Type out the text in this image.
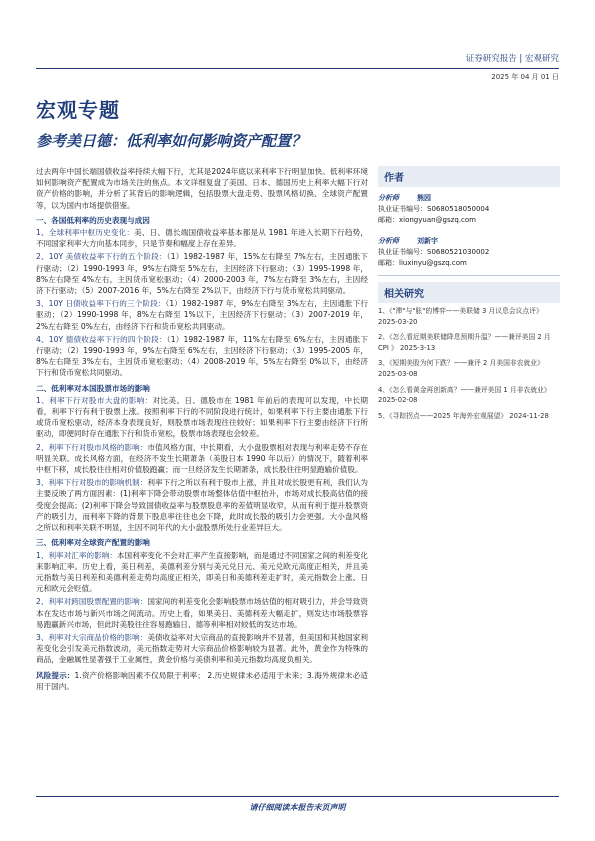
证券研究报告 | 宏观研究
2025 年 04 月 01 日
宏观专题
参考美日德：低利率如何影响资产配置？

过去两年中国长端国债收益率持续大幅下行，尤其是2024年底以来利率下行明显加快。低利率环境如何影响资产配置成为市场关注的焦点。本文详细复盘了美国、日本、德国历史上利率大幅下行对资产价格的影响，并分析了其背后的影响逻辑，包括股票大盘走势、股票风格切换、全球资产配置等，以为国内市场提供借鉴。

一、各国低利率的历史表现与成因

1、全球利率中枢历史变化：美、日、德长端国债收益率基本都是从 1981 年进入长期下行趋势，不同国家利率大方向基本同步，只是节奏和幅度上存在差异。

2、10Y 美债收益率下行的五个阶段：（1）1982-1987 年，15%左右降至 7%左右，主因通胀下行驱动；（2）1990-1993 年，9%左右降至 5%左右，主因经济下行驱动；（3）1995-1998 年，8%左右降至 4%左右，主因货币宽松驱动；（4）2000-2003 年，7%左右降至 3%左右，主因经济下行驱动；（5）2007-2016 年，5%左右降至 2%以下，由经济下行与货币宽松共同驱动。

3、10Y 日债收益率下行的三个阶段：（1）1982-1987 年，9%左右降至 3%左右，主因通胀下行驱动；（2）1990-1998 年，8%左右降至 1%以下，主因经济下行驱动；（3）2007-2019 年，2%左右降至 0%左右，由经济下行和货币宽松共同驱动。

4、10Y 德债收益率下行的四个阶段：（1）1982-1987 年，11%左右降至 6%左右，主因通胀下行驱动；（2）1990-1993 年，9%左右降至 6%左右，主因经济下行驱动；（3）1995-2005 年，8%左右降至 3%左右，主因货币宽松驱动；（4）2008-2019 年，5%左右降至 0%以下，由经济下行和货币宽松共同驱动。

二、低利率对本国股票市场的影响

1、利率下行对股市大盘的影响：对比美、日、德股市在 1981 年前后的表现可以发现，中长期看，利率下行有利于股票上涨。按照利率下行的不同阶段进行统计，如果利率下行主要由通胀下行或货币宽松驱动，经济本身表现良好，则股票市场表现往往较好；如果利率下行主要由经济下行所驱动，即便同时存在通胀下行和货币宽松，股票市场表现也会较差。

2、利率下行对股市风格的影响：市值风格方面，中长期看，大小盘股票相对表现与利率走势不存在明显关联。成长风格方面，在经济不发生长期萧条（美股日本 1990 年以后）的情况下，随着利率中枢下移，成长股往往相对价值股跑赢；而一旦经济发生长期萧条，成长股往往明显跑输价值股。

3、利率下行对股市的影响机制：利率下行之所以有利于股市上涨，并且对成长股更有利，我们认为主要反映了两方面因素：(1)利率下降会带动股票市场整体估值中枢抬升，市场对成长股高估值的接受度会提高；(2)利率下降会导致国债收益率与股票股息率的差值明显收窄，从而有利于提升股票资产的吸引力，而利率下降的背景下股息率往往也会下降，此时成长股的吸引力会更强。大小盘风格之所以和利率关联不明显，主因不同年代的大小盘股票所处行业差异巨大。

三、低利率对全球资产配置的影响

1、利率对汇率的影响：本国利率变化不会对汇率产生直接影响，而是通过不同国家之间的利差变化来影响汇率。历史上看，美日利差，美德利差分别与美元兑日元、美元兑欧元高度正相关，并且美元指数与美日利差和美德利差走势均高度正相关，即美日和美德利差走扩时，美元指数会上涨、日元和欧元会贬值。

2、利率对跨国股票配置的影响：国家间的利差变化会影响股票市场估值的相对吸引力，并会导致资本在发达市场与新兴市场之间流动。历史上看，如果美日、美德利差大幅走扩，则发达市场股票容易跑赢新兴市场，但此时美股往往容易跑输日、德等利率相对较低的发达市场。

3、利率对大宗商品价格的影响：美债收益率对大宗商品的直接影响并不显著，但美国和其他国家利差变化会引发美元指数波动，美元指数走势对大宗商品价格影响较为显著。此外，黄金作为特殊的商品，金融属性显著强于工业属性，黄金价格与美债利率和美元指数均高度负相关。

风险提示：1.资产价格影响因素不仅局限于利率； 2.历史规律未必适用于未来；3.海外规律未必适用于国内。

作者
分析师	熊园
执业证书编号：S0680518050004
邮箱：xiongyuan@gszq.com
分析师	刘新宇
执业证书编号：S0680521030002
邮箱：liuxinyu@gszq.com
相关研究
1、《"滞"与"胀"的博弈——美联储 3 月议息会议点评》 2025-03-20
2、《怎么看近期美联储降息预期升温？——兼评美国 2 月 CPI 》 2025-3-13
3、《短期美股为何下跌？——兼评 2 月美国非农就业》 2025-03-08
4、《怎么看黄金再创新高？——兼评美国 1 月非农就业》 2025-02-08
5、《寻踪拐点——2025 年海外宏观展望》 2024-11-28
请仔细阅读本报告末页声明
